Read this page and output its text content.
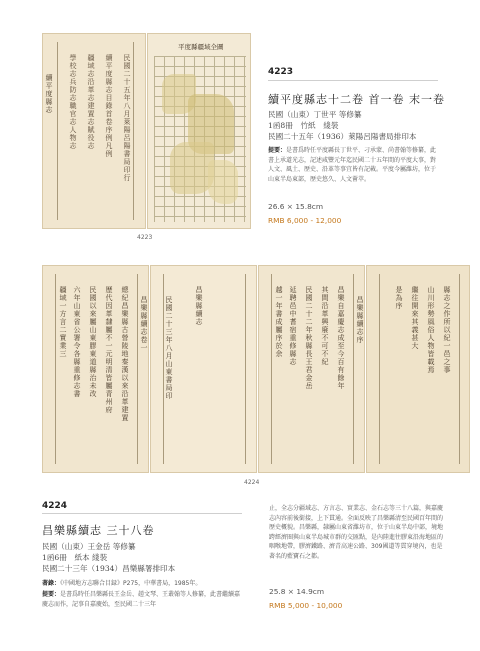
續平度縣志	民國二十五年八月萊陽呂陽書局印行
續平度縣志目錄首卷序例凡例
疆域志沿革志建置志賦役志
學校志兵防志職官志人物志
平度縣疆域全圖
4223
4223
續平度縣志十二卷 首一卷 末一卷
民國（山東）丁世平 等修纂
1函8冊　竹紙　綫裝
民國二十五年（1936）萊陽呂陽書局排印本
提要：是書爲時任平度縣長丁世平、刁承蒙、尚書翰等修纂，此書上承道光志，記述咸豐元年迄民國二十五年間的平度大事，對人文、風土、歷史、沿革等事宜皆有記載。平度今屬濰坊，位于山東半島東部，歷史悠久、人文薈萃。
26.6 × 15.8cm
RMB 6,000 - 12,000
昌樂縣續志卷一
總紀昌樂縣古營陵地秦漢以來沿革建置
歷代因革隸屬不一元明清皆屬青州府
民國以來屬山東膠東道縣治未改
六年山東省公署令各縣重修志書
疆域一方言二實業三	民國二十三年八月山東書局印	昌樂縣續志	昌樂縣續志序
昌樂自嘉慶志成至今百有餘年
其間沿革興廢不可不紀
民國二十二年秋縣長王君金岳
延聘邑中耆宿重修縣志
越一年書成屬序於余	縣志之作所以紀一邑之事
山川形勢風俗人物皆載焉
繼往開來其義甚大
是為序
4224
4224
昌樂縣續志 三十八卷
民國（山東）王金岳 等修纂
1函6冊　紙本 綫裝
民國二十三年（1934）昌樂縣署排印本
著錄：《中國地方志聯合目録》P275，中華書局，1985年。
提要：是書爲時任昌樂縣長王金岳、趙文琴、王叢翰等人修纂，此書繼續嘉慶志而作，記事自嘉慶始，至民國二十三年
止，全志分疆域志、方言志、實業志、金石志等三十八篇，與嘉慶志內容前後銜接，上下貫通。全面反映了昌樂縣清至民國百年間的歷史概貌。昌樂縣，隸屬山東省濰坊市，位于山東半島中部，境地跨經濟圈與山東半島城市群的交匯點，是內陸進往膠東沿海地區的咽喉地帶，膠濟鐵路、濟青高速公路、309國道等貫穿境內，也是著名的藍寶石之都。
25.8 × 14.9cm
RMB 5,000 - 10,000
